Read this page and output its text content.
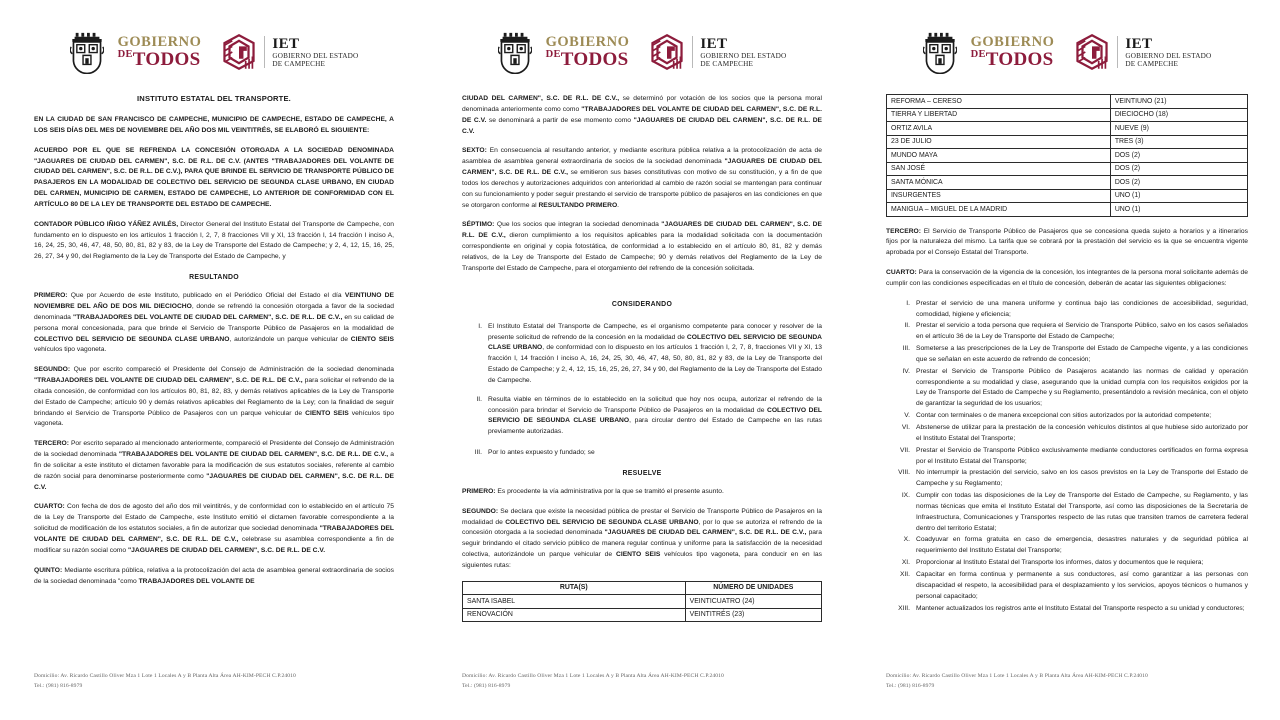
GOBIERNO
$^{DE}$TODOS
IET
GOBIERNO DEL ESTADO
DE CAMPECHE
INSTITUTO ESTATAL DEL TRANSPORTE.

EN LA CIUDAD DE SAN FRANCISCO DE CAMPECHE, MUNICIPIO DE CAMPECHE, ESTADO DE CAMPECHE, A LOS SEIS DÍAS DEL MES DE NOVIEMBRE DEL AÑO DOS MIL VEINTITRÉS, SE ELABORÓ EL SIGUIENTE:

ACUERDO POR EL QUE SE REFRENDA LA CONCESIÓN OTORGADA A LA SOCIEDAD DENOMINADA "JAGUARES DE CIUDAD DEL CARMEN", S.C. DE R.L. DE C.V. (ANTES "TRABAJADORES DEL VOLANTE DE CIUDAD DEL CARMEN", S.C. DE R.L. DE C.V.), PARA QUE BRINDE EL SERVICIO DE TRANSPORTE PÚBLICO DE PASAJEROS EN LA MODALIDAD DE COLECTIVO DEL SERVICIO DE SEGUNDA CLASE URBANO, EN CIUDAD DEL CARMEN, MUNICIPIO DE CARMEN, ESTADO DE CAMPECHE, LO ANTERIOR DE CONFORMIDAD CON EL ARTÍCULO 80 DE LA LEY DE TRANSPORTE DEL ESTADO DE CAMPECHE.

CONTADOR PÚBLICO IÑIGO YÁÑEZ AVILÉS, Director General del Instituto Estatal del Transporte de Campeche, con fundamento en lo dispuesto en los artículos 1 fracción I, 2, 7, 8 fracciones VII y XI, 13 fracción I, 14 fracción I inciso A, 16, 24, 25, 30, 46, 47, 48, 50, 80, 81, 82 y 83, de la Ley de Transporte del Estado de Campeche; y 2, 4, 12, 15, 16, 25, 26, 27, 34 y 90, del Reglamento de la Ley de Transporte del Estado de Campeche, y

RESULTANDO

PRIMERO: Que por Acuerdo de este Instituto, publicado en el Periódico Oficial del Estado el día VEINTIUNO DE NOVIEMBRE DEL AÑO DE DOS MIL DIECIOCHO, donde se refrendó la concesión otorgada a favor de la sociedad denominada "TRABAJADORES DEL VOLANTE DE CIUDAD DEL CARMEN", S.C. DE R.L. DE C.V., en su calidad de persona moral concesionada, para que brinde el Servicio de Transporte Público de Pasajeros en la modalidad de COLECTIVO DEL SERVICIO DE SEGUNDA CLASE URBANO, autorizándole un parque vehicular de CIENTO SEIS vehículos tipo vagoneta.

SEGUNDO: Que por escrito compareció el Presidente del Consejo de Administración de la sociedad denominada "TRABAJADORES DEL VOLANTE DE CIUDAD DEL CARMEN", S.C. DE R.L. DE C.V., para solicitar el refrendo de la citada concesión, de conformidad con los artículos 80, 81, 82, 83, y demás relativos aplicables de la Ley de Transporte del Estado de Campeche; artículo 90 y demás relativos aplicables del Reglamento de la Ley; con la finalidad de seguir brindando el Servicio de Transporte Público de Pasajeros con un parque vehicular de CIENTO SEIS vehículos tipo vagoneta.

TERCERO: Por escrito separado al mencionado anteriormente, compareció el Presidente del Consejo de Administración de la sociedad denominada "TRABAJADORES DEL VOLANTE DE CIUDAD DEL CARMEN", S.C. DE R.L. DE C.V., a fin de solicitar a este instituto el dictamen favorable para la modificación de sus estatutos sociales, referente al cambio de razón social para denominarse posteriormente como "JAGUARES DE CIUDAD DEL CARMEN", S.C. DE R.L. DE C.V.

CUARTO: Con fecha de dos de agosto del año dos mil veintitrés, y de conformidad con lo establecido en el artículo 75 de la Ley de Transporte del Estado de Campeche, este Instituto emitió el dictamen favorable correspondiente a la solicitud de modificación de los estatutos sociales, a fin de autorizar que sociedad denominada "TRABAJADORES DEL VOLANTE DE CIUDAD DEL CARMEN", S.C. DE R.L. DE C.V., celebrase su asamblea correspondiente a fin de modificar su razón social como "JAGUARES DE CIUDAD DEL CARMEN", S.C. DE R.L. DE C.V.

QUINTO: Mediante escritura pública, relativa a la protocolización del acta de asamblea general extraordinaria de socios de la sociedad denominada "como TRABAJADORES DEL VOLANTE DE

Domicilio: Av. Ricardo Castillo Oliver Mza 1 Lote 1 Locales A y B Planta Alta Área AH-KIM-PECH C.P.24010
Tel.: (981) 816-8979
GOBIERNO
$^{DE}$TODOS
IET
GOBIERNO DEL ESTADO
DE CAMPECHE

CIUDAD DEL CARMEN", S.C. DE R.L. DE C.V., se determinó por votación de los socios que la persona moral denominada anteriormente como como "TRABAJADORES DEL VOLANTE DE CIUDAD DEL CARMEN", S.C. DE R.L. DE C.V. se denominará a partir de ese momento como "JAGUARES DE CIUDAD DEL CARMEN", S.C. DE R.L. DE C.V.

SEXTO: En consecuencia al resultando anterior, y mediante escritura pública relativa a la protocolización de acta de asamblea de asamblea general extraordinaria de socios de la sociedad denominada "JAGUARES DE CIUDAD DEL CARMEN", S.C. DE R.L. DE C.V., se emitieron sus bases constitutivas con motivo de su constitución, y a fin de que todos los derechos y autorizaciones adquiridos con anterioridad al cambio de razón social se mantengan para continuar con su funcionamiento y poder seguir prestando el servicio de transporte público de pasajeros en las condiciones en que se otorgaron conforme al RESULTANDO PRIMERO.

SÉPTIMO: Que los socios que integran la sociedad denominada "JAGUARES DE CIUDAD DEL CARMEN", S.C. DE R.L. DE C.V., dieron cumplimiento a los requisitos aplicables para la modalidad solicitada con la documentación correspondiente en original y copia fotostática, de conformidad a lo establecido en el artículo 80, 81, 82 y demás relativos, de la Ley de Transporte del Estado de Campeche; 90 y demás relativos del Reglamento de la Ley de Transporte del Estado de Campeche, para el otorgamiento del refrendo de la concesión solicitada.

CONSIDERANDO
I. El Instituto Estatal del Transporte de Campeche, es el organismo competente para conocer y resolver de la presente solicitud de refrendo de la concesión en la modalidad de COLECTIVO DEL SERVICIO DE SEGUNDA CLASE URBANO, de conformidad con lo dispuesto en los artículos 1 fracción I, 2, 7, 8, fracciones VII y XI, 13 fracción I, 14 fracción I inciso A, 16, 24, 25, 30, 46, 47, 48, 50, 80, 81, 82 y 83, de la Ley de Transporte del Estado de Campeche; y 2, 4, 12, 15, 16, 25, 26, 27, 34 y 90, del Reglamento de la Ley de Transporte del Estado de Campeche.
II. Resulta viable en términos de lo establecido en la solicitud que hoy nos ocupa, autorizar el refrendo de la concesión para brindar el Servicio de Transporte Público de Pasajeros en la modalidad de COLECTIVO DEL SERVICIO DE SEGUNDA CLASE URBANO, para circular dentro del Estado de Campeche en las rutas previamente autorizadas.
III. Por lo antes expuesto y fundado; se
RESUELVE

PRIMERO: Es procedente la vía administrativa por la que se tramitó el presente asunto.

SEGUNDO: Se declara que existe la necesidad pública de prestar el Servicio de Transporte Público de Pasajeros en la modalidad de COLECTIVO DEL SERVICIO DE SEGUNDA CLASE URBANO, por lo que se autoriza el refrendo de la concesión otorgada a la sociedad denominada "JAGUARES DE CIUDAD DEL CARMEN", S.C. DE R.L. DE C.V., para seguir brindando el citado servicio público de manera regular continua y uniforme para la satisfacción de la necesidad colectiva, autorizándole un parque vehicular de CIENTO SEIS vehículos tipo vagoneta, para conducir en en las siguientes rutas:

RUTA(S)	NÚMERO DE UNIDADES
SANTA ISABEL	VEINTICUATRO (24)
RENOVACIÓN	VEINTITRÉS (23)
Domicilio: Av. Ricardo Castillo Oliver Mza 1 Lote 1 Locales A y B Planta Alta Área AH-KIM-PECH C.P.24010
Tel.: (981) 816-8979
GOBIERNO
$^{DE}$TODOS
IET
GOBIERNO DEL ESTADO
DE CAMPECHE
REFORMA – CERESO	VEINTIUNO (21)
TIERRA Y LIBERTAD	DIECIOCHO (18)
ORTIZ AVILA	NUEVE (9)
23 DE JULIO	TRES (3)
MUNDO MAYA	DOS (2)
SAN JOSÉ	DOS (2)
SANTA MÓNICA	DOS (2)
INSURGENTES	UNO (1)
MANIGUA – MIGUEL DE LA MADRID	UNO (1)

TERCERO: El Servicio de Transporte Público de Pasajeros que se concesiona queda sujeto a horarios y a itinerarios fijos por la naturaleza del mismo. La tarifa que se cobrará por la prestación del servicio es la que se encuentra vigente aprobada por el Consejo Estatal del Transporte.

CUARTO: Para la conservación de la vigencia de la concesión, los integrantes de la persona moral solicitante además de cumplir con las condiciones especificadas en el título de concesión, deberán de acatar las siguientes obligaciones:

I. Prestar el servicio de una manera uniforme y continua bajo las condiciones de accesibilidad, seguridad, comodidad, higiene y eficiencia;
II. Prestar el servicio a toda persona que requiera el Servicio de Transporte Público, salvo en los casos señalados en el artículo 36 de la Ley de Transporte del Estado de Campeche;
III. Someterse a las prescripciones de la Ley de Transporte del Estado de Campeche vigente, y a las condiciones que se señalan en este acuerdo de refrendo de concesión;
IV. Prestar el Servicio de Transporte Público de Pasajeros acatando las normas de calidad y operación correspondiente a su modalidad y clase, asegurando que la unidad cumpla con los requisitos exigidos por la Ley de Transporte del Estado de Campeche y su Reglamento, presentándolo a revisión mecánica, con el objeto de garantizar la seguridad de los usuarios;
V. Contar con terminales o de manera excepcional con sitios autorizados por la autoridad competente;
VI. Abstenerse de utilizar para la prestación de la concesión vehículos distintos al que hubiese sido autorizado por el Instituto Estatal del Transporte;
VII. Prestar el Servicio de Transporte Público exclusivamente mediante conductores certificados en forma expresa por el Instituto Estatal del Transporte;
VIII. No interrumpir la prestación del servicio, salvo en los casos previstos en la Ley de Transporte del Estado de Campeche y su Reglamento;
IX. Cumplir con todas las disposiciones de la Ley de Transporte del Estado de Campeche, su Reglamento, y las normas técnicas que emita el Instituto Estatal del Transporte, así como las disposiciones de la Secretaría de Infraestructura, Comunicaciones y Transportes respecto de las rutas que transiten tramos de carretera federal dentro del territorio Estatal;
X. Coadyuvar en forma gratuita en caso de emergencia, desastres naturales y de seguridad pública al requerimiento del Instituto Estatal del Transporte;
XI. Proporcionar al Instituto Estatal del Transporte los informes, datos y documentos que le requiera;
XII. Capacitar en forma continua y permanente a sus conductores, así como garantizar a las personas con discapacidad el respeto, la accesibilidad para el desplazamiento y los servicios, apoyos técnicos o humanos y personal capacitado;
XIII. Mantener actualizados los registros ante el Instituto Estatal del Transporte respecto a su unidad y conductores;
Domicilio: Av. Ricardo Castillo Oliver Mza 1 Lote 1 Locales A y B Planta Alta Área AH-KIM-PECH C.P.24010
Tel.: (981) 816-8979
